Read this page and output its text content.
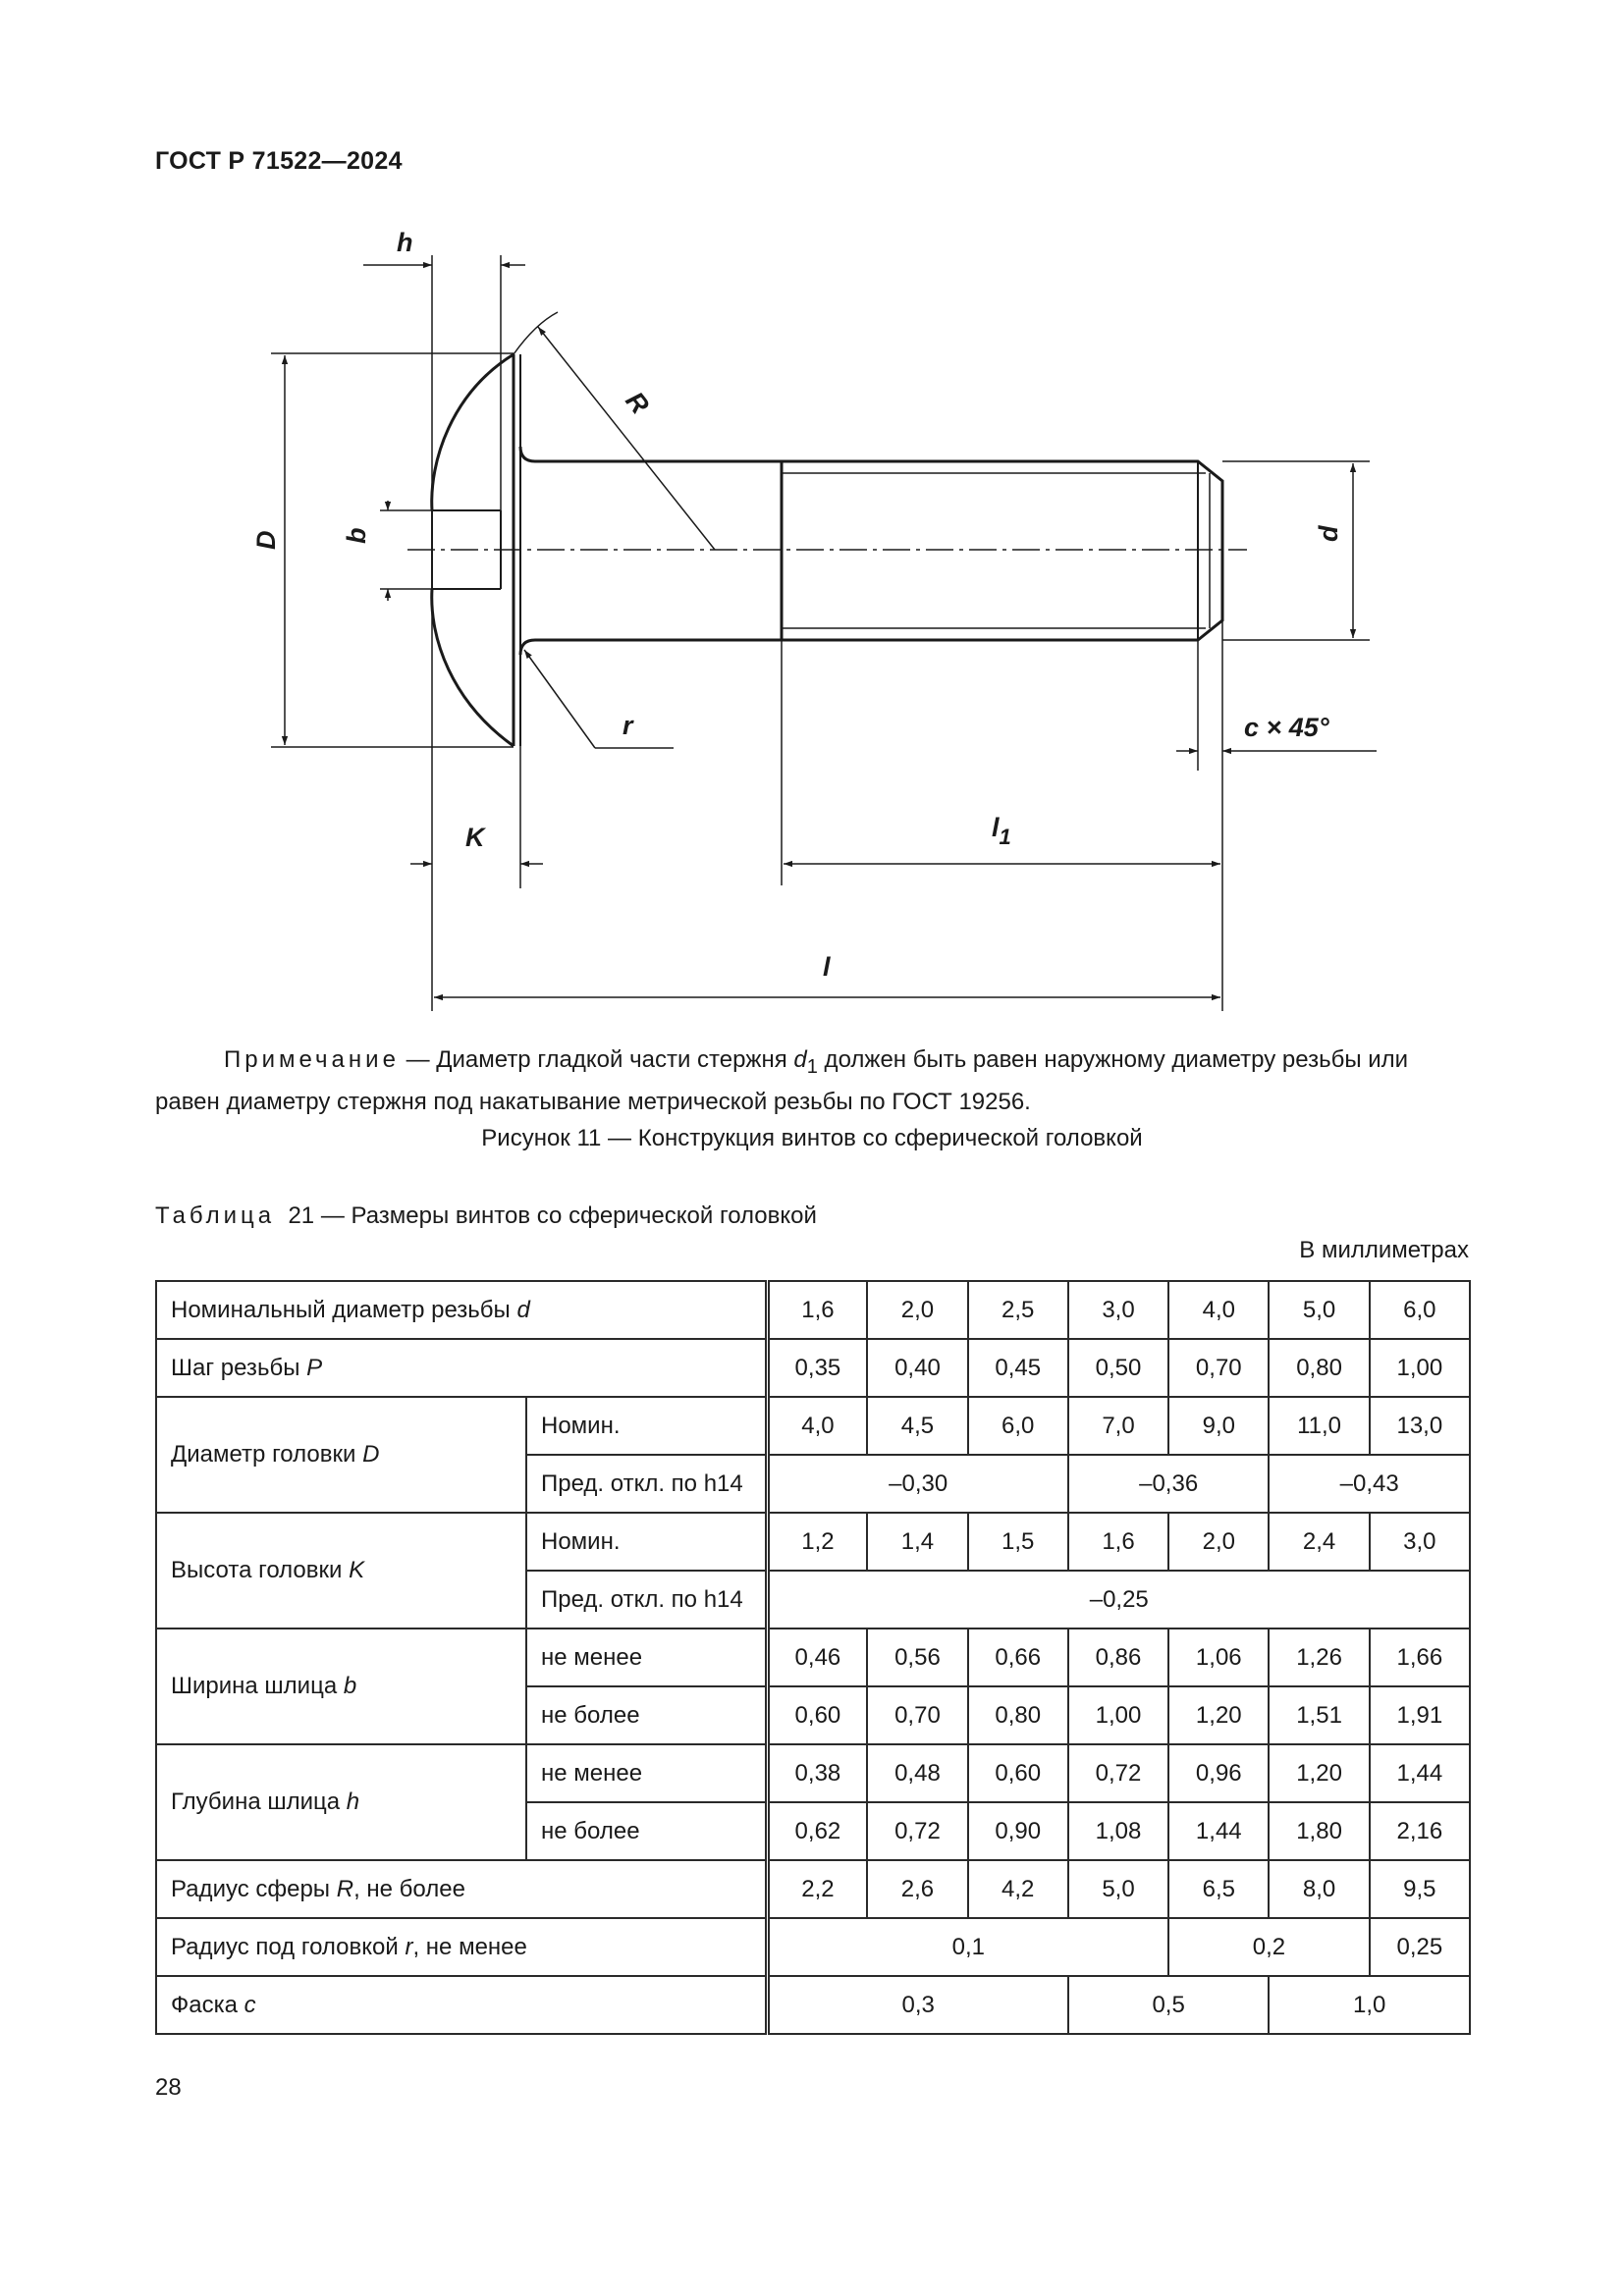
ГОСТ Р 71522—2024
h
R
D b	d
r	c × 45°
K	$l_1$
l
Примечание — Диаметр гладкой части стержня $d_1$ должен быть равен наружному диаметру резьбы или равен диаметру стержня под накатывание метрической резьбы по ГОСТ 19256.
Рисунок 11 — Конструкция винтов со сферической головкой
Таблица 21 — Размеры винтов со сферической головкой
В миллиметрах
Номинальный диаметр резьбы d		1,6	2,0	2,5	3,0	4,0	5,0	6,0
Шаг резьбы P		0,35	0,40	0,45	0,50	0,70	0,80	1,00
Диаметр головки D	Номин.	4,0	4,5	6,0	7,0	9,0	11,0	13,0
	Пред. откл. по h14	–0,30			–0,36		–0,43	
Высота головки K	Номин.	1,2	1,4	1,5	1,6	2,0	2,4	3,0
	Пред. откл. по h14	–0,25						
Ширина шлица b	не менее	0,46	0,56	0,66	0,86	1,06	1,26	1,66
	не более	0,60	0,70	0,80	1,00	1,20	1,51	1,91
Глубина шлица h	не менее	0,38	0,48	0,60	0,72	0,96	1,20	1,44
	не более	0,62	0,72	0,90	1,08	1,44	1,80	2,16
Радиус сферы R, не более		2,2	2,6	4,2	5,0	6,5	8,0	9,5
Радиус под головкой r, не менее		0,1				0,2		0,25
Фаска c		0,3			0,5		1,0	
28
